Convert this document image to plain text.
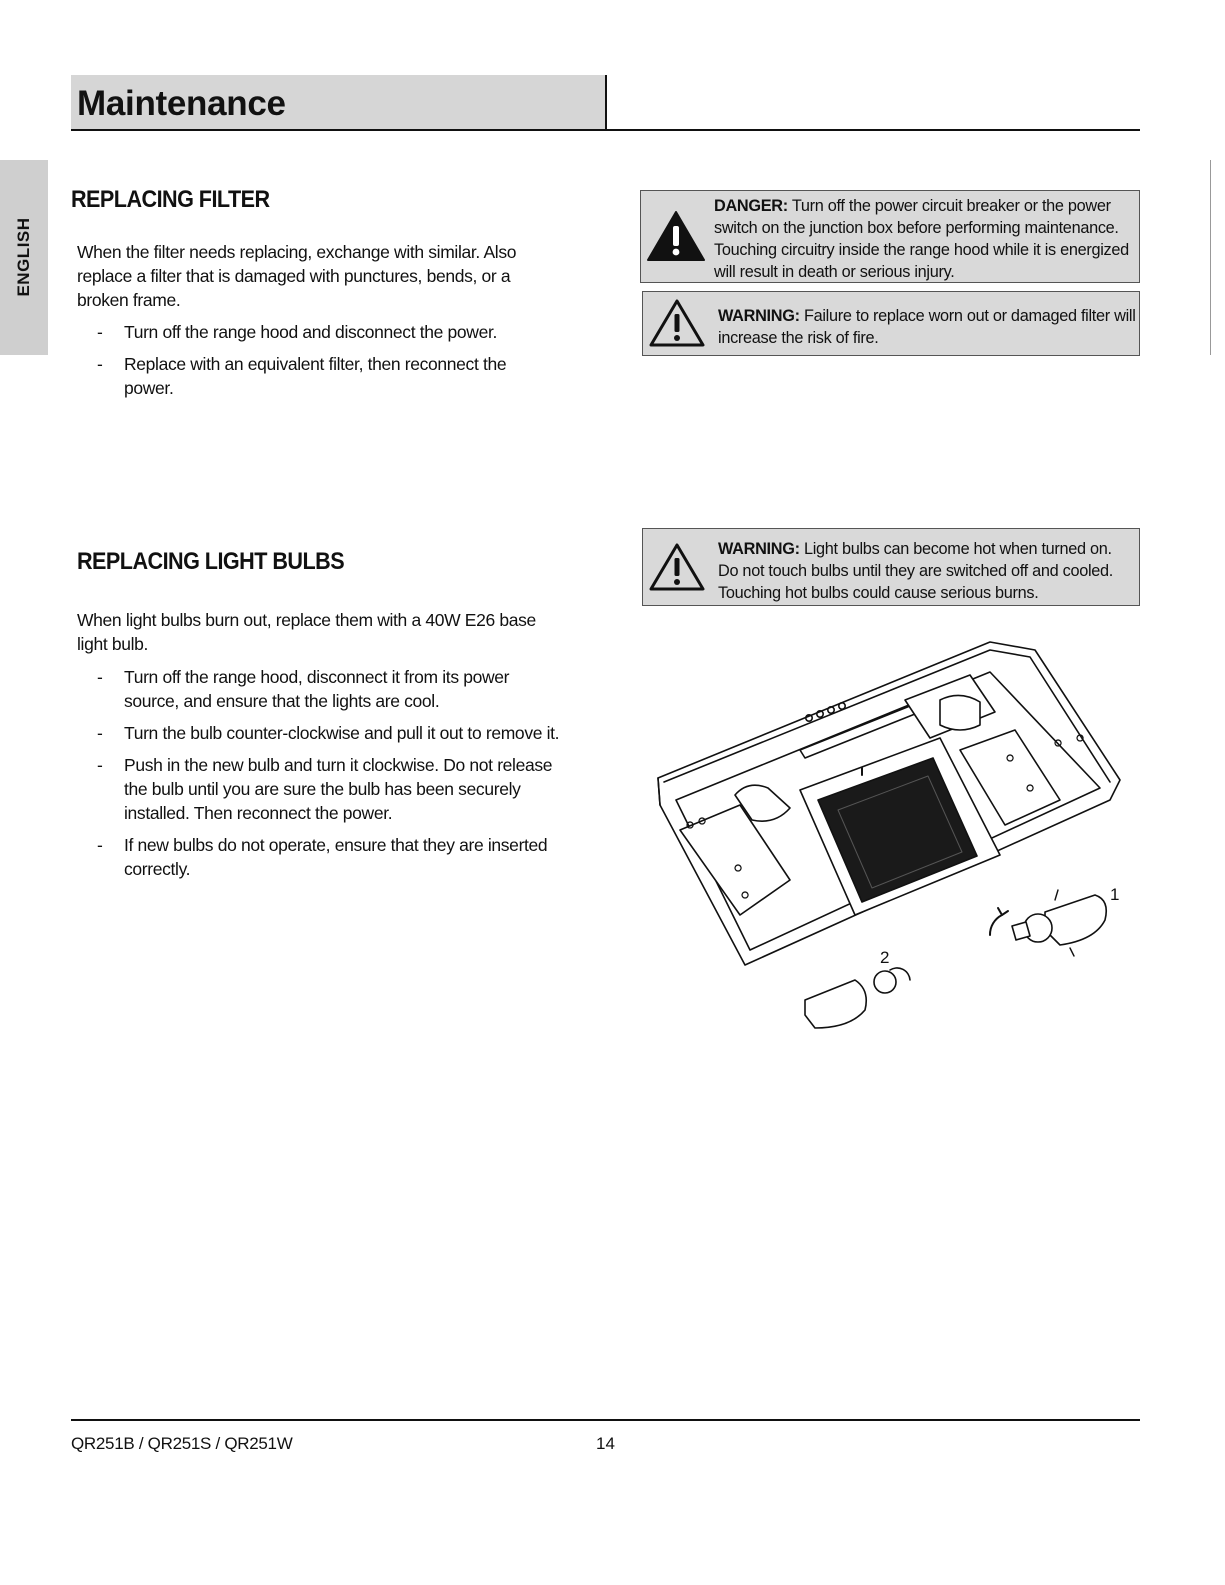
Maintenance
ENGLISH
REPLACING FILTER
When the filter needs replacing, exchange with similar. Also
replace a filter that is damaged with punctures, bends, or a
broken frame.
- Turn off the range hood and disconnect the power.
- Replace with an equivalent filter, then reconnect the power.
DANGER: Turn off the power circuit breaker or the power switch on the junction box before performing maintenance. Touching circuitry inside the range hood while it is energized will result in death or serious injury.
WARNING: Failure to replace worn out or damaged filter will increase the risk of fire.
REPLACING LIGHT BULBS
When light bulbs burn out, replace them with a 40W E26 base
light bulb.
- Turn off the range hood, disconnect it from its power source, and ensure that the lights are cool.
- Turn the bulb counter-clockwise and pull it out to remove it.
- Push in the new bulb and turn it clockwise. Do not release the bulb until you are sure the bulb has been securely installed. Then reconnect the power.
- If new bulbs do not operate, ensure that they are inserted correctly.
WARNING: Light bulbs can become hot when turned on. Do not touch bulbs until they are switched off and cooled. Touching hot bulbs could cause serious burns.
1
2
QR251B / QR251S / QR251W	14
